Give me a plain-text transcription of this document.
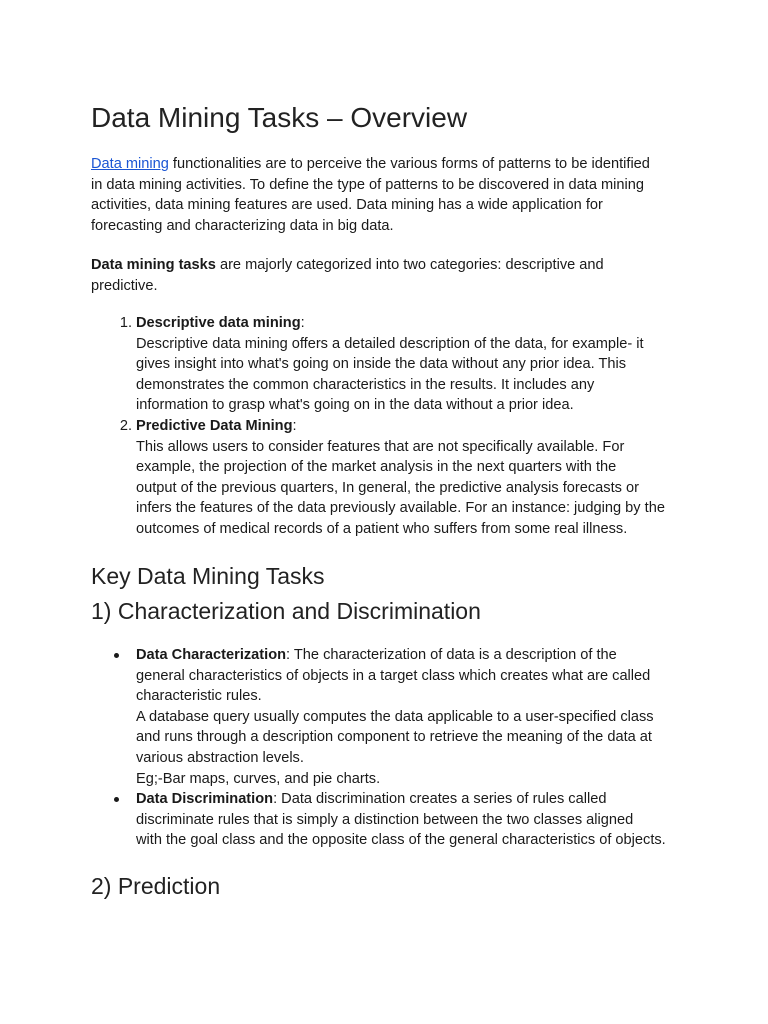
Data Mining Tasks – Overview

Data mining functionalities are to perceive the various forms of patterns to be identified
in data mining activities. To define the type of patterns to be discovered in data mining
activities, data mining features are used. Data mining has a wide application for
forecasting and characterizing data in big data.

Data mining tasks are majorly categorized into two categories: descriptive and
predictive.

1. Descriptive data mining:
Descriptive data mining offers a detailed description of the data, for example- it
gives insight into what's going on inside the data without any prior idea. This
demonstrates the common characteristics in the results. It includes any
information to grasp what's going on in the data without a prior idea.
2. Predictive Data Mining:
This allows users to consider features that are not specifically available. For
example, the projection of the market analysis in the next quarters with the
output of the previous quarters, In general, the predictive analysis forecasts or
infers the features of the data previously available. For an instance: judging by the
outcomes of medical records of a patient who suffers from some real illness.
Key Data Mining Tasks
1) Characterization and Discrimination
Data Characterization: The characterization of data is a description of the
general characteristics of objects in a target class which creates what are called
characteristic rules.
A database query usually computes the data applicable to a user-specified class
and runs through a description component to retrieve the meaning of the data at
various abstraction levels.
Eg;-Bar maps, curves, and pie charts.
Data Discrimination: Data discrimination creates a series of rules called
discriminate rules that is simply a distinction between the two classes aligned
with the goal class and the opposite class of the general characteristics of objects.
2) Prediction
